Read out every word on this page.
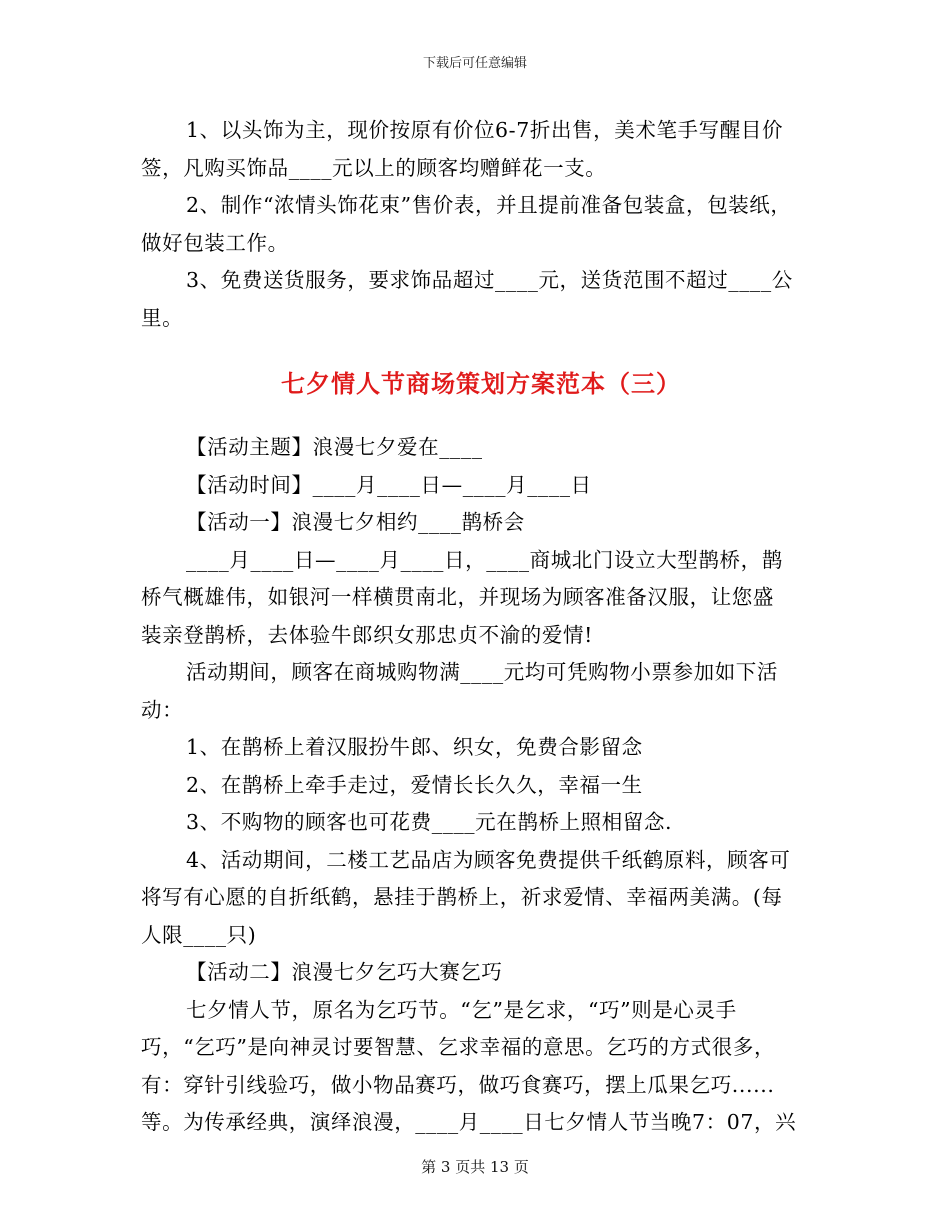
下载后可任意编辑

1、以头饰为主，现价按原有价位6-7折出售，美术笔手写醒目价

签，凡购买饰品____元以上的顾客均赠鲜花一支。

2、制作“浓情头饰花束”售价表，并且提前准备包装盒，包装纸，

做好包装工作。

3、免费送货服务，要求饰品超过____元，送货范围不超过____公

里。

七夕情人节商场策划方案范本（三）

【活动主题】浪漫七夕爱在____

【活动时间】____月____日—____月____日

【活动一】浪漫七夕相约____鹊桥会

____月____日—____月____日，____商城北门设立大型鹊桥，鹊

桥气概雄伟，如银河一样横贯南北，并现场为顾客准备汉服，让您盛

装亲登鹊桥，去体验牛郎织女那忠贞不渝的爱情!

活动期间，顾客在商城购物满____元均可凭购物小票参加如下活

动：

1、在鹊桥上着汉服扮牛郎、织女，免费合影留念

2、在鹊桥上牵手走过，爱情长长久久，幸福一生

3、不购物的顾客也可花费____元在鹊桥上照相留念.

4、活动期间，二楼工艺品店为顾客免费提供千纸鹤原料，顾客可

将写有心愿的自折纸鹤，悬挂于鹊桥上，祈求爱情、幸福两美满。(每

人限____只)

【活动二】浪漫七夕乞巧大赛乞巧

七夕情人节，原名为乞巧节。“乞”是乞求，“巧”则是心灵手

巧，“乞巧”是向神灵讨要智慧、乞求幸福的意思。乞巧的方式很多，

有：穿针引线验巧，做小物品赛巧，做巧食赛巧，摆上瓜果乞巧......

等。为传承经典，演绎浪漫，____月____日七夕情人节当晚7：07，兴

第 3 页共 13 页
